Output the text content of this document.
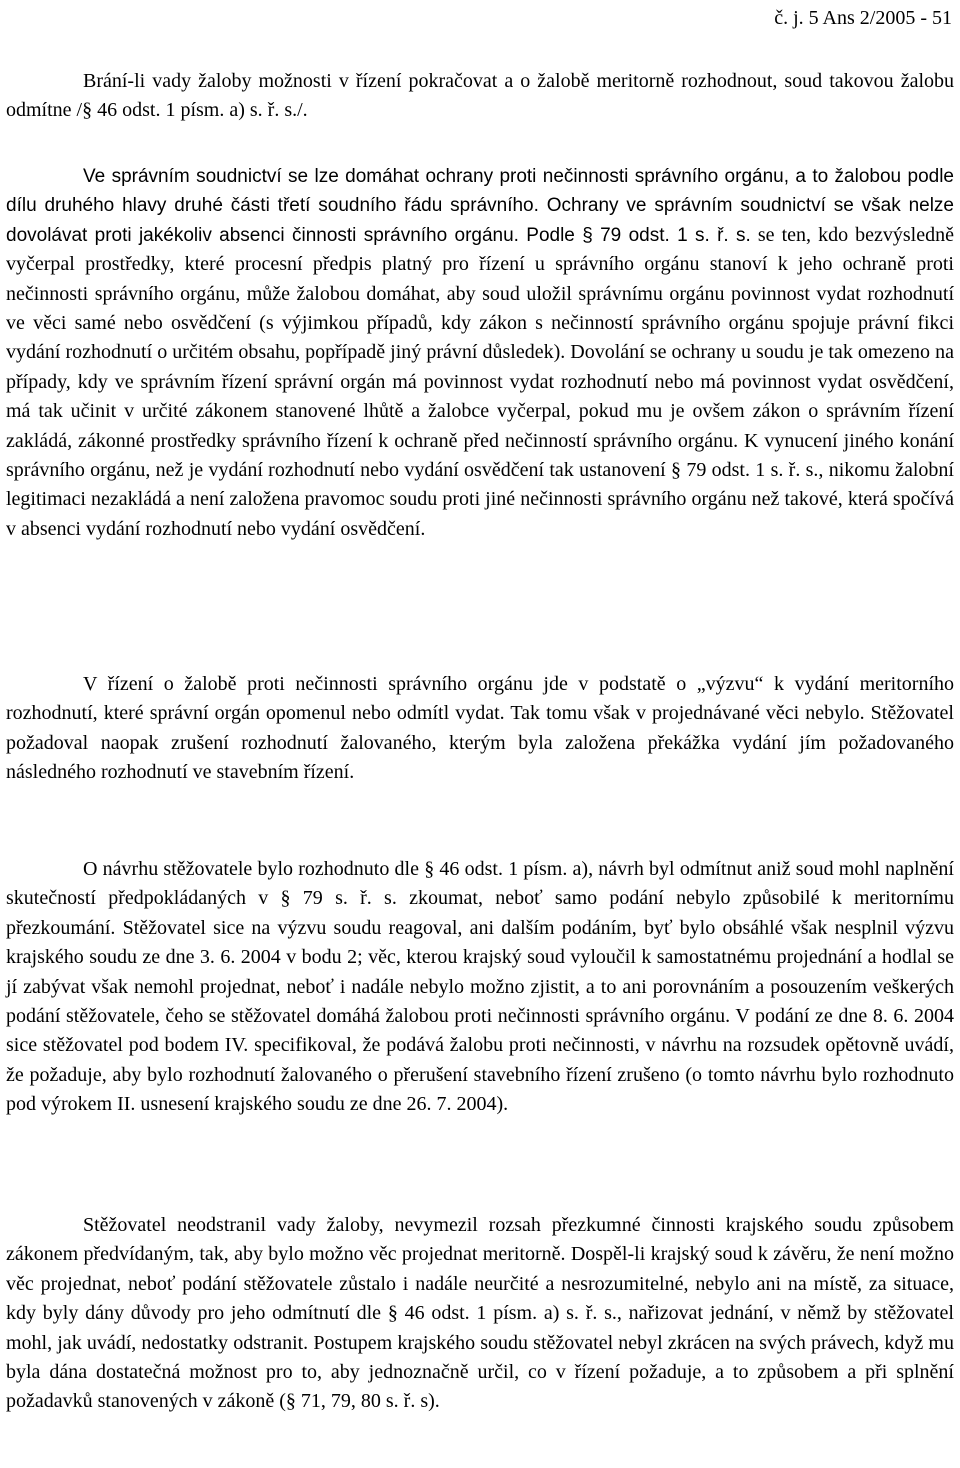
č. j. 5 Ans 2/2005 - 51

Brání-li vady žaloby možnosti v řízení pokračovat a o žalobě meritorně rozhodnout, soud takovou žalobu odmítne /§ 46 odst. 1 písm. a) s. ř. s./.

Ve správním soudnictví se lze domáhat ochrany proti nečinnosti správního orgánu, a to žalobou podle dílu druhého hlavy druhé části třetí soudního řádu správního. Ochrany ve správním soudnictví se však nelze dovolávat proti jakékoliv absenci činnosti správního orgánu. Podle § 79 odst. 1 s. ř. s. se ten, kdo bezvýsledně vyčerpal prostředky, které procesní předpis platný pro řízení u správního orgánu stanoví k jeho ochraně proti nečinnosti správního orgánu, může žalobou domáhat, aby soud uložil správnímu orgánu povinnost vydat rozhodnutí ve věci samé nebo osvědčení (s výjimkou případů, kdy zákon s nečinností správního orgánu spojuje právní fikci vydání rozhodnutí o určitém obsahu, popřípadě jiný právní důsledek). Dovolání se ochrany u soudu je tak omezeno na případy, kdy ve správním řízení správní orgán má povinnost vydat rozhodnutí nebo má povinnost vydat osvědčení, má tak učinit v určité zákonem stanovené lhůtě a žalobce vyčerpal, pokud mu je ovšem zákon o správním řízení zakládá, zákonné prostředky správního řízení k ochraně před nečinností správního orgánu. K vynucení jiného konání správního orgánu, než je vydání rozhodnutí nebo vydání osvědčení tak ustanovení § 79 odst. 1 s. ř. s., nikomu žalobní legitimaci nezakládá a není založena pravomoc soudu proti jiné nečinnosti správního orgánu než takové, která spočívá v absenci vydání rozhodnutí nebo vydání osvědčení.

V řízení o žalobě proti nečinnosti správního orgánu jde v podstatě o „výzvu“ k vydání meritorního rozhodnutí, které správní orgán opomenul nebo odmítl vydat. Tak tomu však v projednávané věci nebylo. Stěžovatel požadoval naopak zrušení rozhodnutí žalovaného, kterým byla založena překážka vydání jím požadovaného následného rozhodnutí ve stavebním řízení.

O návrhu stěžovatele bylo rozhodnuto dle § 46 odst. 1 písm. a), návrh byl odmítnut aniž soud mohl naplnění skutečností předpokládaných v § 79 s. ř. s. zkoumat, neboť samo podání nebylo způsobilé k meritornímu přezkoumání. Stěžovatel sice na výzvu soudu reagoval, ani dalším podáním, byť bylo obsáhlé však nesplnil výzvu krajského soudu ze dne 3. 6. 2004 v bodu 2; věc, kterou krajský soud vyloučil k samostatnému projednání a hodlal se jí zabývat však nemohl projednat, neboť i nadále nebylo možno zjistit, a to ani porovnáním a posouzením veškerých podání stěžovatele, čeho se stěžovatel domáhá žalobou proti nečinnosti správního orgánu. V podání ze dne 8. 6. 2004 sice stěžovatel pod bodem IV. specifikoval, že podává žalobu proti nečinnosti, v návrhu na rozsudek opětovně uvádí, že požaduje, aby bylo rozhodnutí žalovaného o přerušení stavebního řízení zrušeno (o tomto návrhu bylo rozhodnuto pod výrokem II. usnesení krajského soudu ze dne 26. 7. 2004).

Stěžovatel neodstranil vady žaloby, nevymezil rozsah přezkumné činnosti krajského soudu způsobem zákonem předvídaným, tak, aby bylo možno věc projednat meritorně. Dospěl-li krajský soud k závěru, že není možno věc projednat, neboť podání stěžovatele zůstalo i nadále neurčité a nesrozumitelné, nebylo ani na místě, za situace, kdy byly dány důvody pro jeho odmítnutí dle § 46 odst. 1 písm. a) s. ř. s., nařizovat jednání, v němž by stěžovatel mohl, jak uvádí, nedostatky odstranit. Postupem krajského soudu stěžovatel nebyl zkrácen na svých právech, když mu byla dána dostatečná možnost pro to, aby jednoznačně určil, co v řízení požaduje, a to způsobem a při splnění požadavků stanovených v zákoně (§ 71, 79, 80 s. ř. s).
